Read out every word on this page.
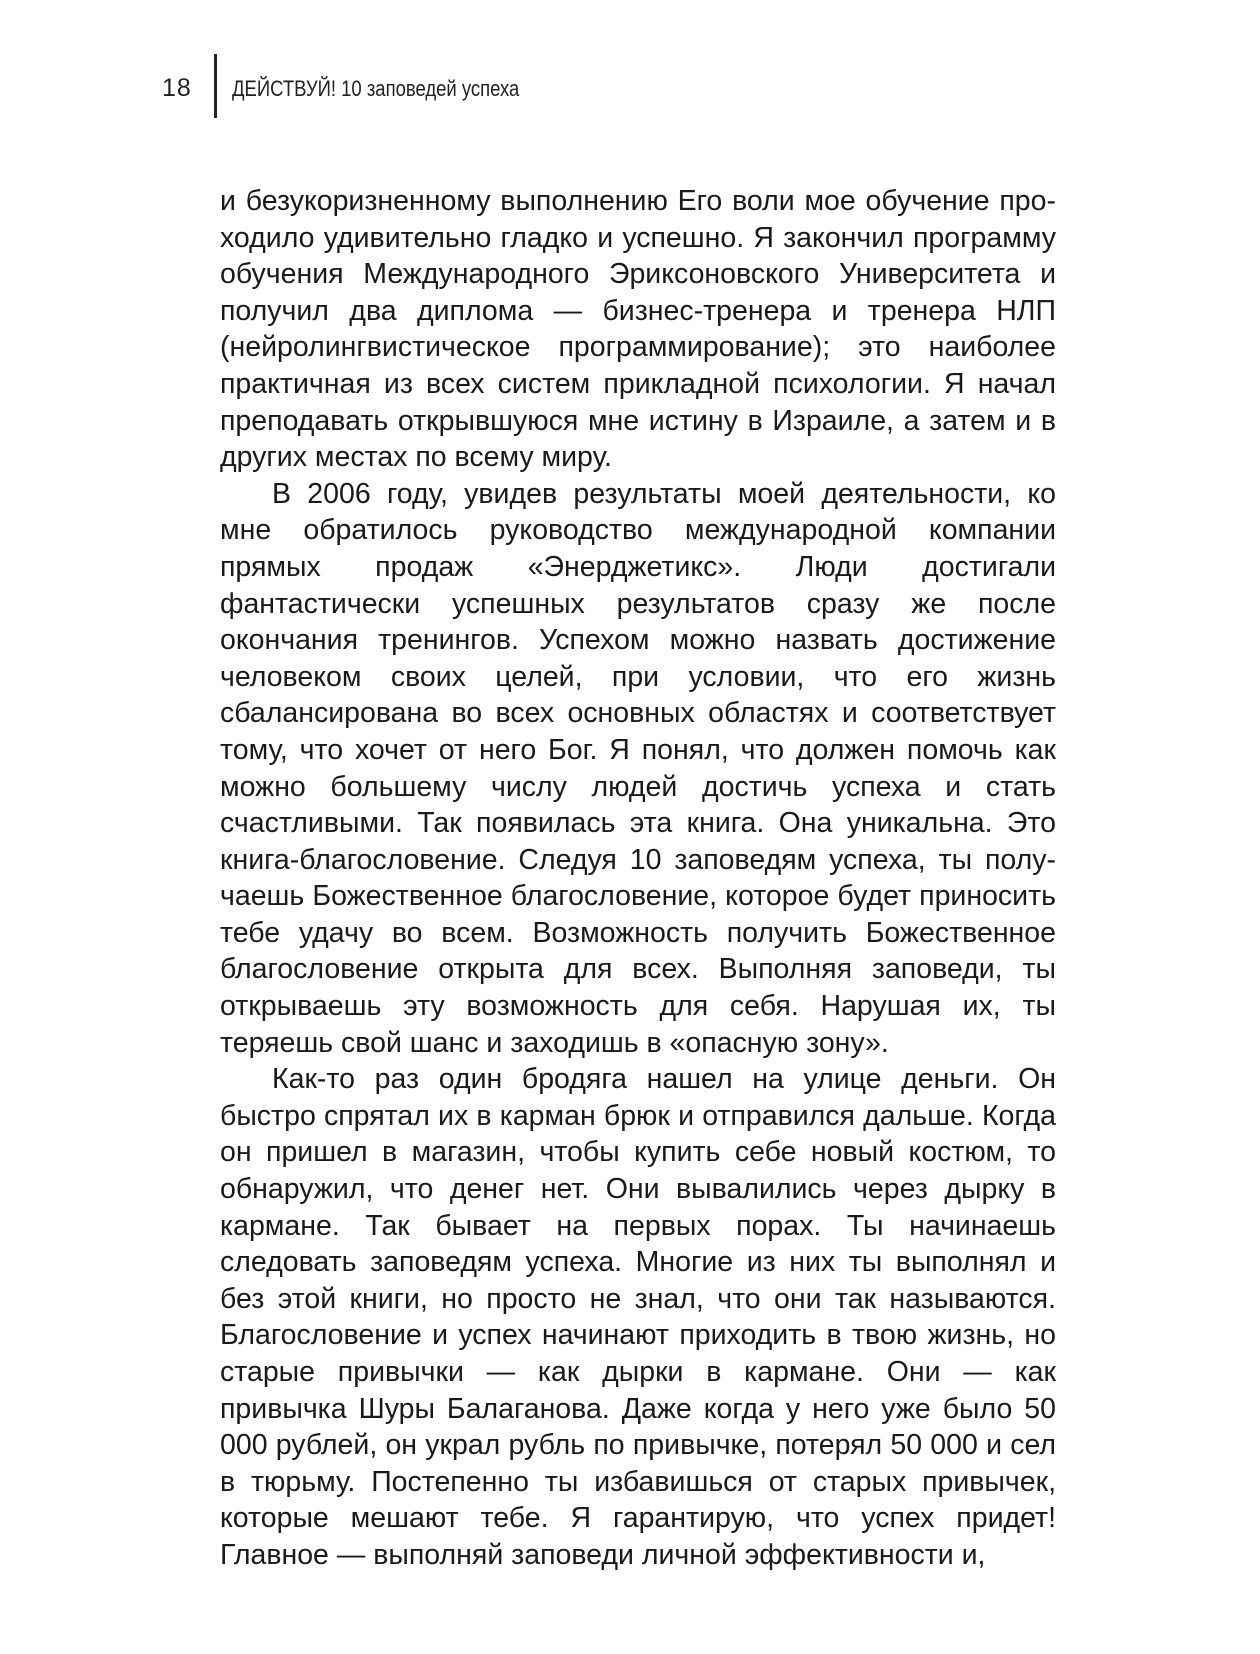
18 ДЕЙСТВУЙ! 10 заповедей успеха

и безукоризненному выполнению Его воли мое обучение проходило удивительно гладко и успешно. Я закончил программу обучения Международного Эриксоновского Университета и получил два диплома — бизнес-тренера и тренера НЛП (нейролингвистическое программирование); это наиболее практичная из всех систем прикладной психологии. Я начал преподавать открывшуюся мне истину в Израиле, а затем и в других местах по всему миру.

В 2006 году, увидев результаты моей деятельности, ко мне обратилось руководство международной компании прямых продаж «Энерджетикс». Люди достигали фантастически успешных результатов сразу же после окончания тренингов. Успехом можно назвать достижение человеком своих целей, при условии, что его жизнь сбалансирована во всех основных областях и соответствует тому, что хочет от него Бог. Я понял, что должен помочь как можно большему числу людей достичь успеха и стать счастливыми. Так появилась эта книга. Она уникальна. Это книга-благословение. Следуя 10 заповедям успеха, ты получаешь Божественное благословение, которое будет приносить тебе удачу во всем. Возможность получить Божественное благословение открыта для всех. Выполняя заповеди, ты открываешь эту возможность для себя. Нарушая их, ты теряешь свой шанс и заходишь в «опасную зону».

Как-то раз один бродяга нашел на улице деньги. Он быстро спрятал их в карман брюк и отправился дальше. Когда он пришел в магазин, чтобы купить себе новый костюм, то обнаружил, что денег нет. Они вывалились через дырку в кармане. Так бывает на первых порах. Ты начинаешь следовать заповедям успеха. Многие из них ты выполнял и без этой книги, но просто не знал, что они так называются. Благословение и успех начинают приходить в твою жизнь, но старые привычки — как дырки в кармане. Они — как привычка Шуры Балаганова. Даже когда у него уже было 50 000 рублей, он украл рубль по привычке, потерял 50 000 и сел в тюрьму. Постепенно ты избавишься от старых привычек, которые мешают тебе. Я гарантирую, что успех придет! Главное — выполняй заповеди личной эффективности и,
